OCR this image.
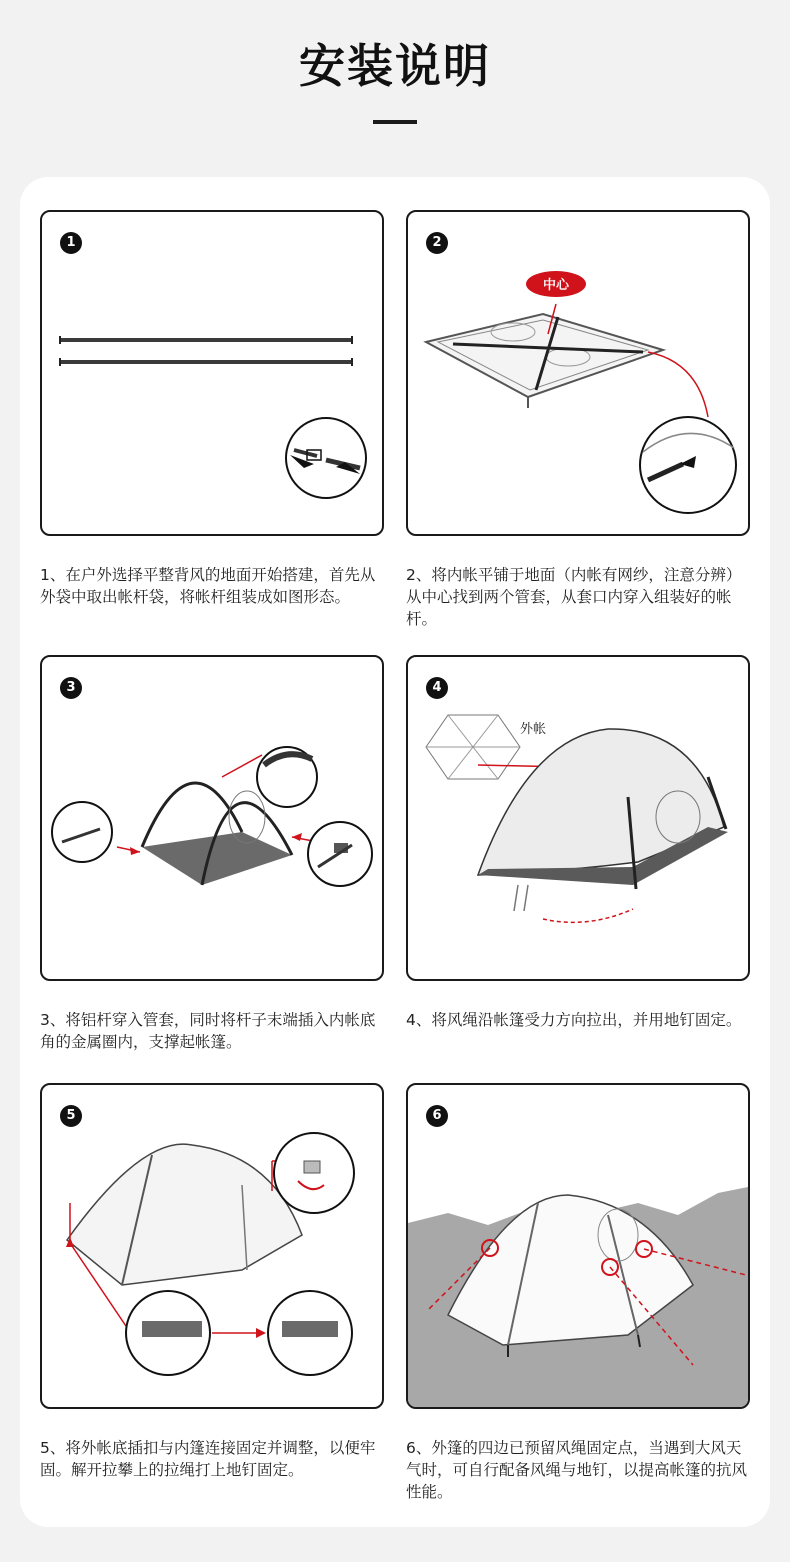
安装说明
1
1、在户外选择平整背风的地面开始搭建，首先从外袋中取出帐杆袋，将帐杆组装成如图形态。
2
中心
2、将内帐平铺于地面（内帐有网纱，注意分辨）从中心找到两个管套，从套口内穿入组装好的帐杆。
3
3、将铝杆穿入管套，同时将杆子末端插入内帐底角的金属圈内，支撑起帐篷。
4
外帐
4、将风绳沿帐篷受力方向拉出，并用地钉固定。
5
5、将外帐底插扣与内篷连接固定并调整，以便牢固。解开拉攀上的拉绳打上地钉固定。
6
6、外篷的四边已预留风绳固定点，当遇到大风天气时，可自行配备风绳与地钉，以提高帐篷的抗风性能。
